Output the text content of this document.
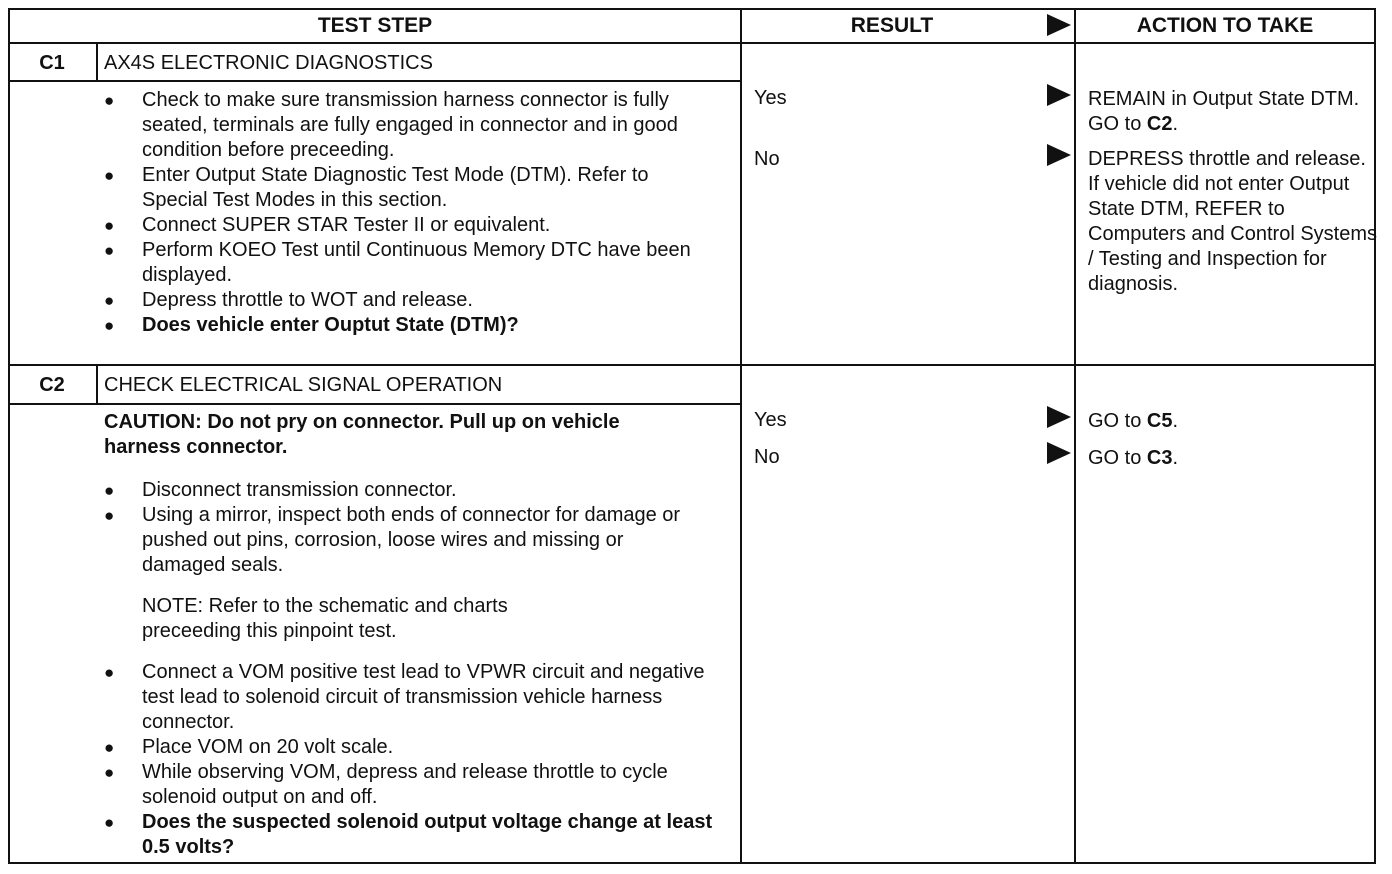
TEST STEP	RESULT	ACTION TO TAKE
C1	AX4S ELECTRONIC DIAGNOSTICS
● Check to make sure transmission harness connector is fully seated, terminals are fully engaged in connector and in good condition before preceeding.
● Enter Output State Diagnostic Test Mode (DTM). Refer to Special Test Modes in this section.
● Connect SUPER STAR Tester II or equivalent.
● Perform KOEO Test until Continuous Memory DTC have been displayed.
● Depress throttle to WOT and release.
● Does vehicle enter Ouptut State (DTM)?
Yes	REMAIN in Output State DTM. GO to C2.
No	DEPRESS throttle and release. If vehicle did not enter Output State DTM, REFER to Computers and Control Systems / Testing and Inspection for diagnosis.
C2	CHECK ELECTRICAL SIGNAL OPERATION
CAUTION: Do not pry on connector. Pull up on vehicle harness connector.
● Disconnect transmission connector.
● Using a mirror, inspect both ends of connector for damage or pushed out pins, corrosion, loose wires and missing or damaged seals.
NOTE: Refer to the schematic and charts preceeding this pinpoint test.
● Connect a VOM positive test lead to VPWR circuit and negative test lead to solenoid circuit of transmission vehicle harness connector.
● Place VOM on 20 volt scale.
● While observing VOM, depress and release throttle to cycle solenoid output on and off.
● Does the suspected solenoid output voltage change at least 0.5 volts?
Yes	GO to C5.
No	GO to C3.
